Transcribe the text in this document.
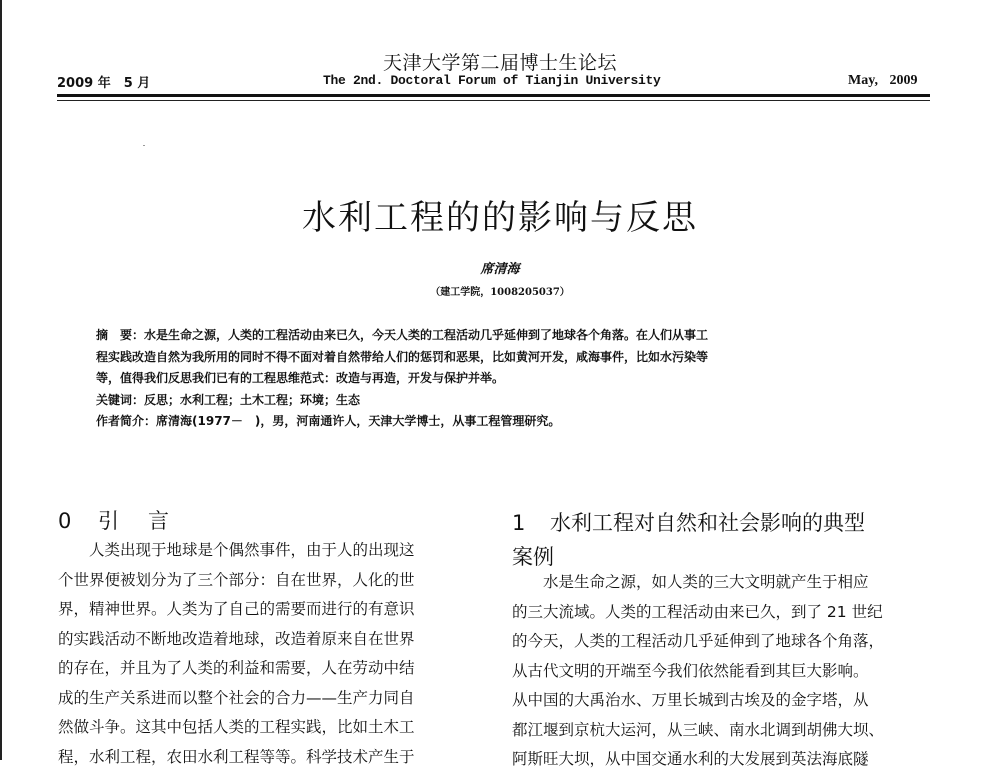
天津大学第二届博士生论坛
2009 年　5 月	The 2nd. Doctoral Forum of Tianjin University	May, 2009
水利工程的的影响与反思
席清海
（建工学院，1008205037）
摘　要：水是生命之源，人类的工程活动由来已久，今天人类的工程活动几乎延伸到了地球各个角落。在人们从事工
程实践改造自然为我所用的同时不得不面对着自然带给人们的惩罚和恶果，比如黄河开发，咸海事件，比如水污染等
等，值得我们反思我们已有的工程思维范式：改造与再造，开发与保护并举。
关键词：反思；水利工程；土木工程；环境；生态
作者简介：席清海(1977－　)，男，河南通许人，天津大学博士，从事工程管理研究。
0 引 言
　　人类出现于地球是个偶然事件，由于人的出现这
个世界便被划分为了三个部分：自在世界，人化的世
界，精神世界。人类为了自己的需要而进行的有意识
的实践活动不断地改造着地球，改造着原来自在世界
的存在，并且为了人类的利益和需要，人在劳动中结
成的生产关系进而以整个社会的合力——生产力同自
然做斗争。这其中包括人类的工程实践，比如土木工
程，水利工程，农田水利工程等等。科学技术产生于
1 水利工程对自然和社会影响的典型
案例
　　水是生命之源，如人类的三大文明就产生于相应
的三大流域。人类的工程活动由来已久，到了 21 世纪
的今天，人类的工程活动几乎延伸到了地球各个角落，
从古代文明的开端至今我们依然能看到其巨大影响。
从中国的大禹治水、万里长城到古埃及的金字塔，从
都江堰到京杭大运河，从三峡、南水北调到胡佛大坝、
阿斯旺大坝，从中国交通水利的大发展到英法海底隧
